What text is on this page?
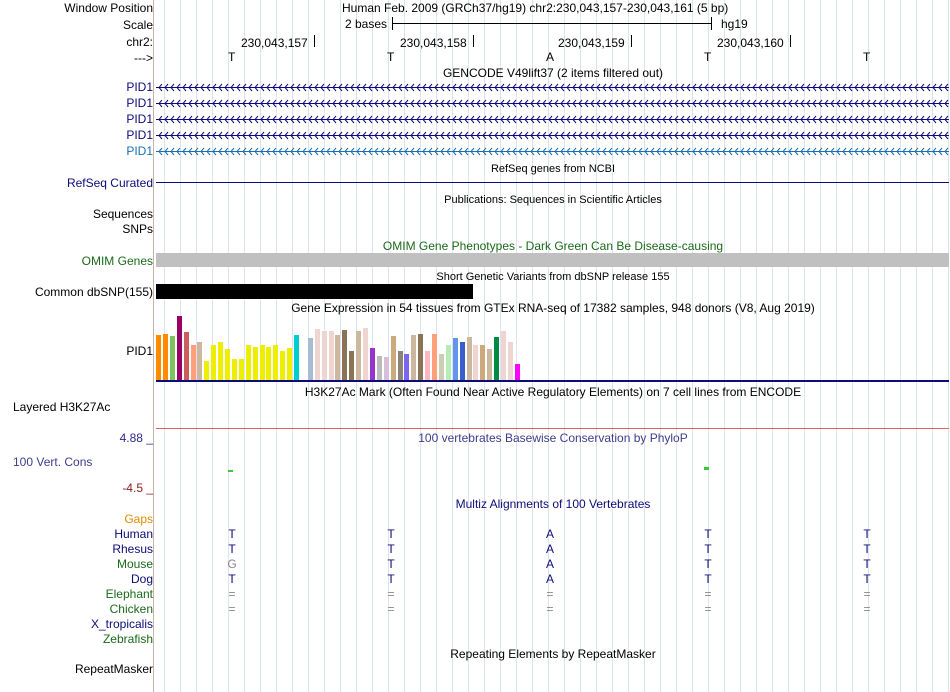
Window Position	Human Feb. 2009 (GRCh37/hg19) chr2:230,043,157-230,043,161 (5 bp)
Scale	2 bases	hg19
chr2:	230,043,157	230,043,158	230,043,159	230,043,160
--->	T	T	A	T	T
GENCODE V49lift37 (2 items filtered out)
PID1
PID1
PID1
PID1
PID1
RefSeq genes from NCBI
RefSeq Curated
Publications: Sequences in Scientific Articles
Sequences
SNPs
OMIM Gene Phenotypes - Dark Green Can Be Disease-causing
OMIM Genes
Short Genetic Variants from dbSNP release 155
Common dbSNP(155)
Gene Expression in 54 tissues from GTEx RNA-seq of 17382 samples, 948 donors (V8, Aug 2019)
PID1
H3K27Ac Mark (Often Found Near Active Regulatory Elements) on 7 cell lines from ENCODE
Layered H3K27Ac
100 vertebrates Basewise Conservation by PhyloP
4.88 _
100 Vert. Cons
-4.5 _
Multiz Alignments of 100 Vertebrates
Gaps
Human	T	T	A	T	T
Rhesus	T	T	A	T	T
Mouse	G	T	A	T	T
Dog	T	T	A	T	T
Elephant	=	=	=	=	=
Chicken	=	=	=	=	=
X_tropicalis
Zebrafish
Repeating Elements by RepeatMasker
RepeatMasker
